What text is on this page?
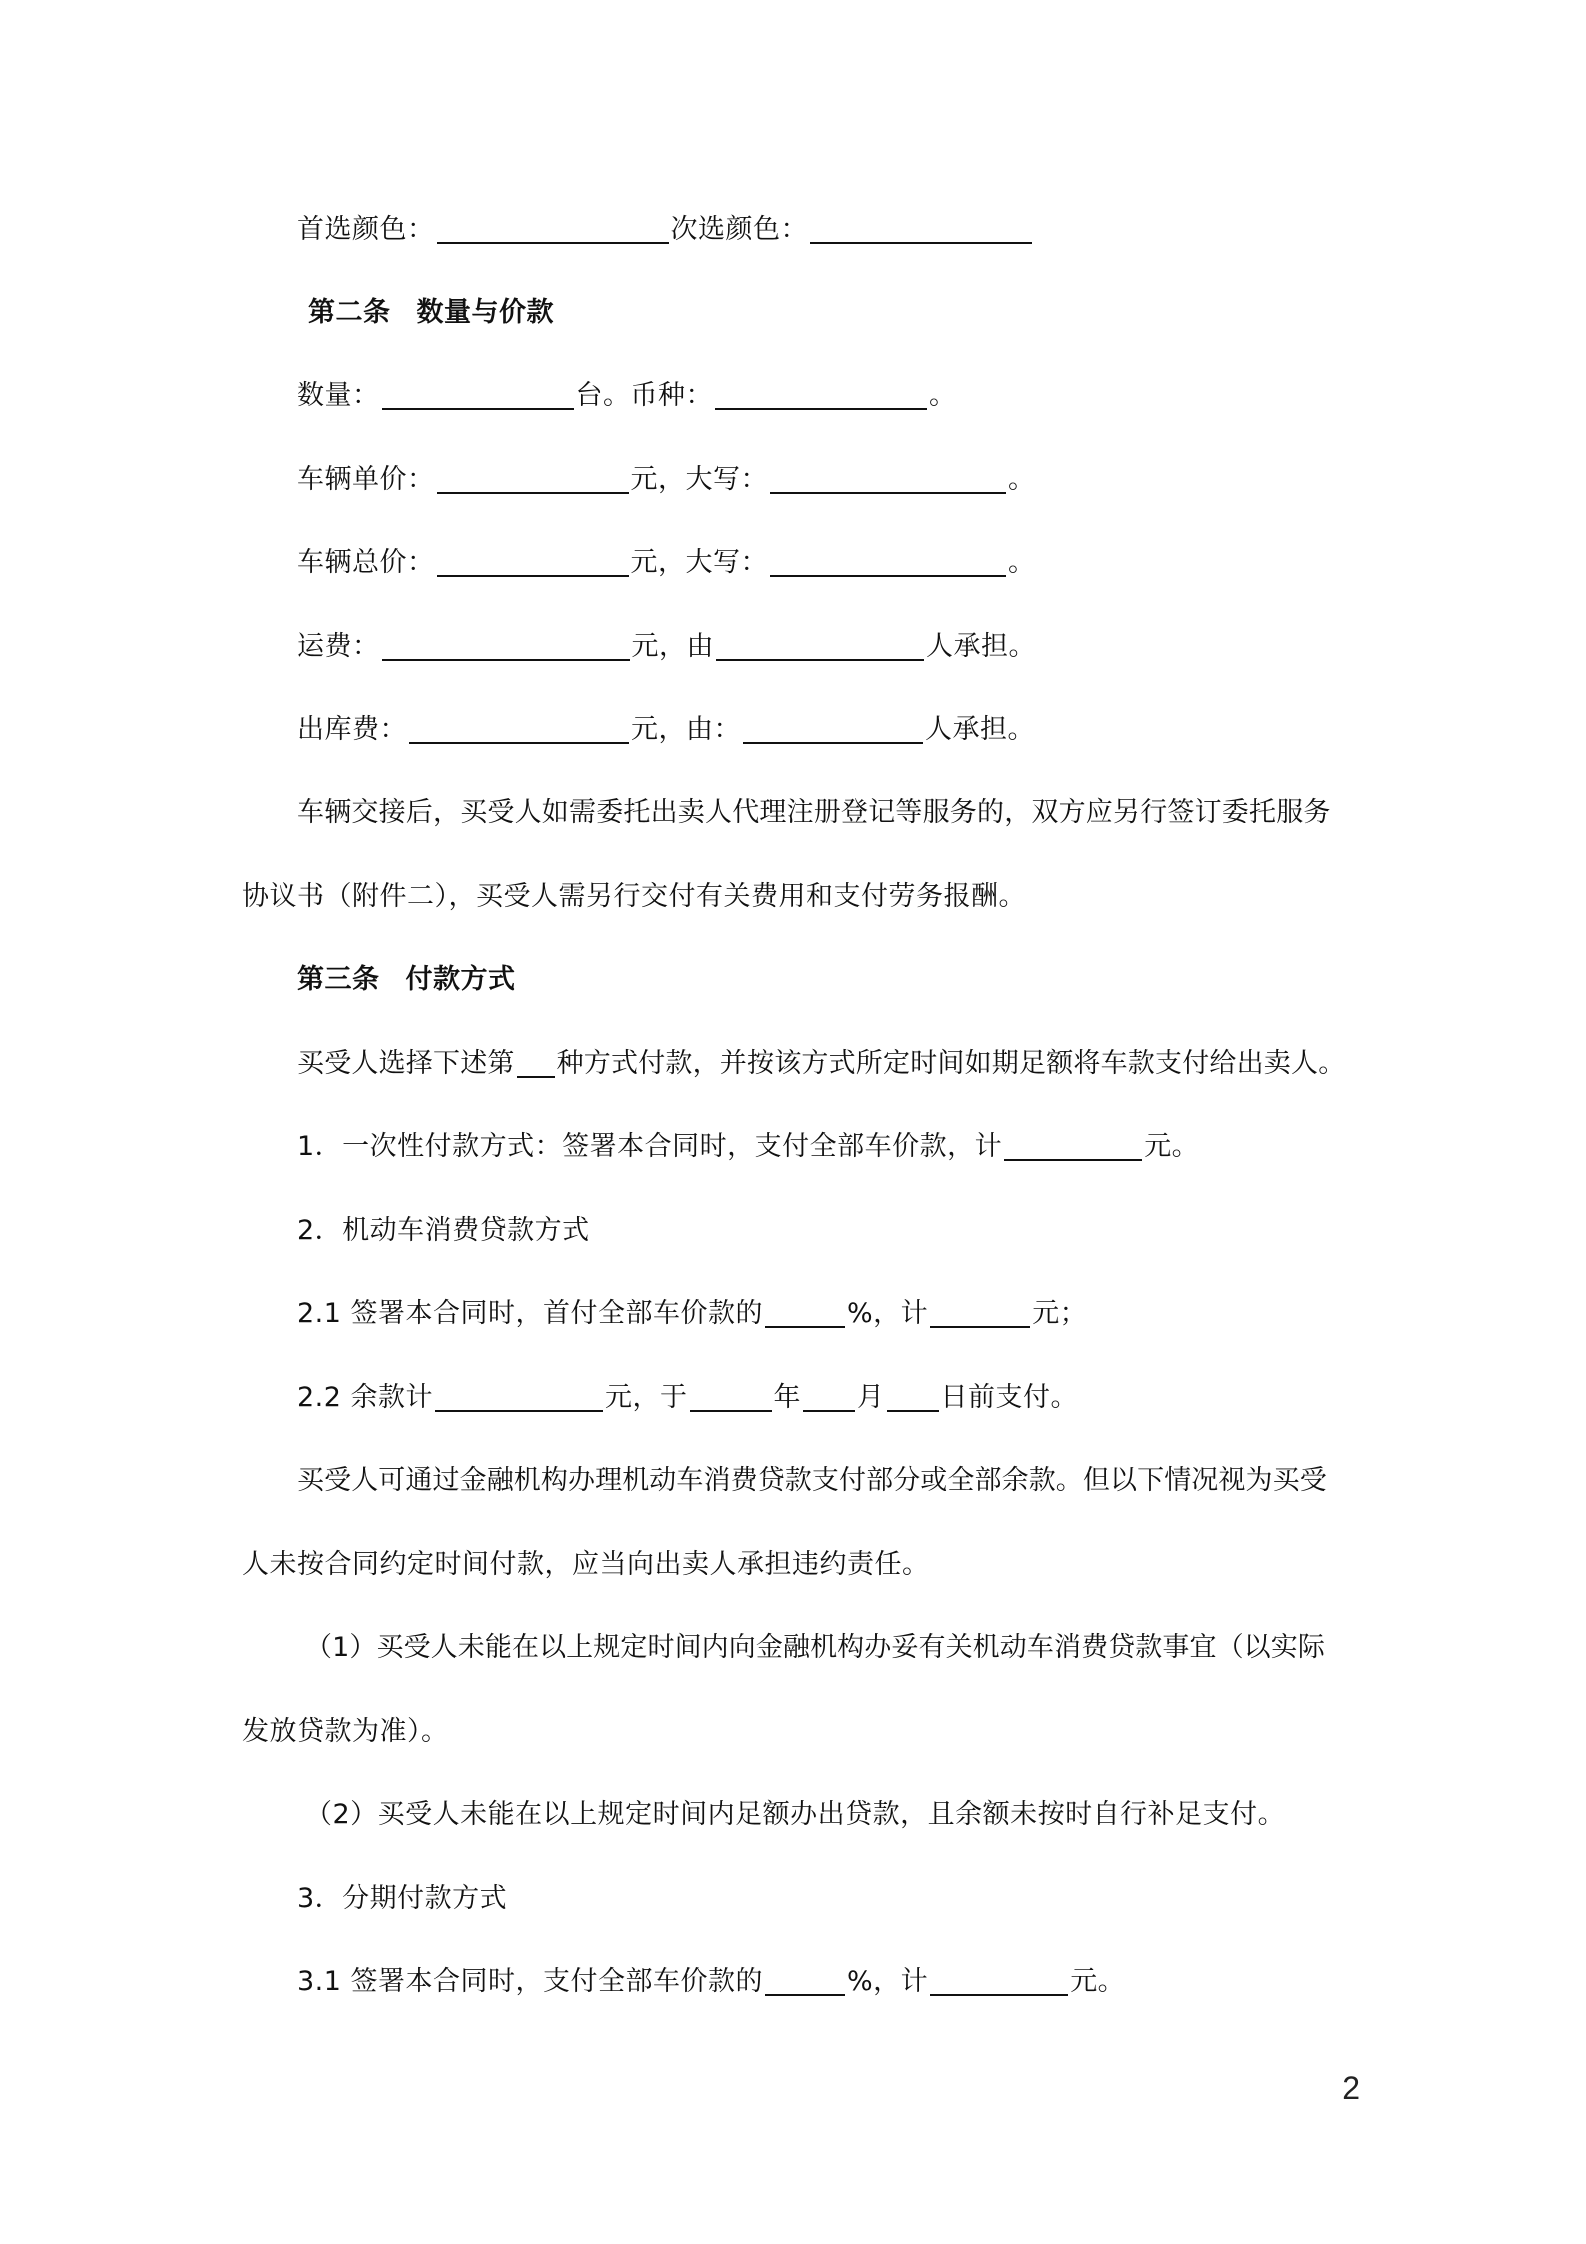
首选颜色：	次选颜色：
第二条 数量与价款
数量：	台。币种：	。
车辆单价：	元，大写：	。
车辆总价：	元，大写：	。
运费：	元，由	人承担。
出库费：	元，由：	人承担。
车辆交接后，买受人如需委托出卖人代理注册登记等服务的，双方应另行签订委托服务
协议书（附件二），买受人需另行交付有关费用和支付劳务报酬。
第三条 付款方式
买受人选择下述第 种方式付款，并按该方式所定时间如期足额将车款支付给出卖人。
1．一次性付款方式：签署本合同时，支付全部车价款，计	元。
2．机动车消费贷款方式
2.1 签署本合同时，首付全部车价款的	%，计	元；
2.2 余款计	元，于	年 月 日前支付。
买受人可通过金融机构办理机动车消费贷款支付部分或全部余款。但以下情况视为买受
人未按合同约定时间付款，应当向出卖人承担违约责任。
（1）买受人未能在以上规定时间内向金融机构办妥有关机动车消费贷款事宜（以实际
发放贷款为准）。
（2）买受人未能在以上规定时间内足额办出贷款，且余额未按时自行补足支付。
3．分期付款方式
3.1 签署本合同时，支付全部车价款的	%，计	元。
2
